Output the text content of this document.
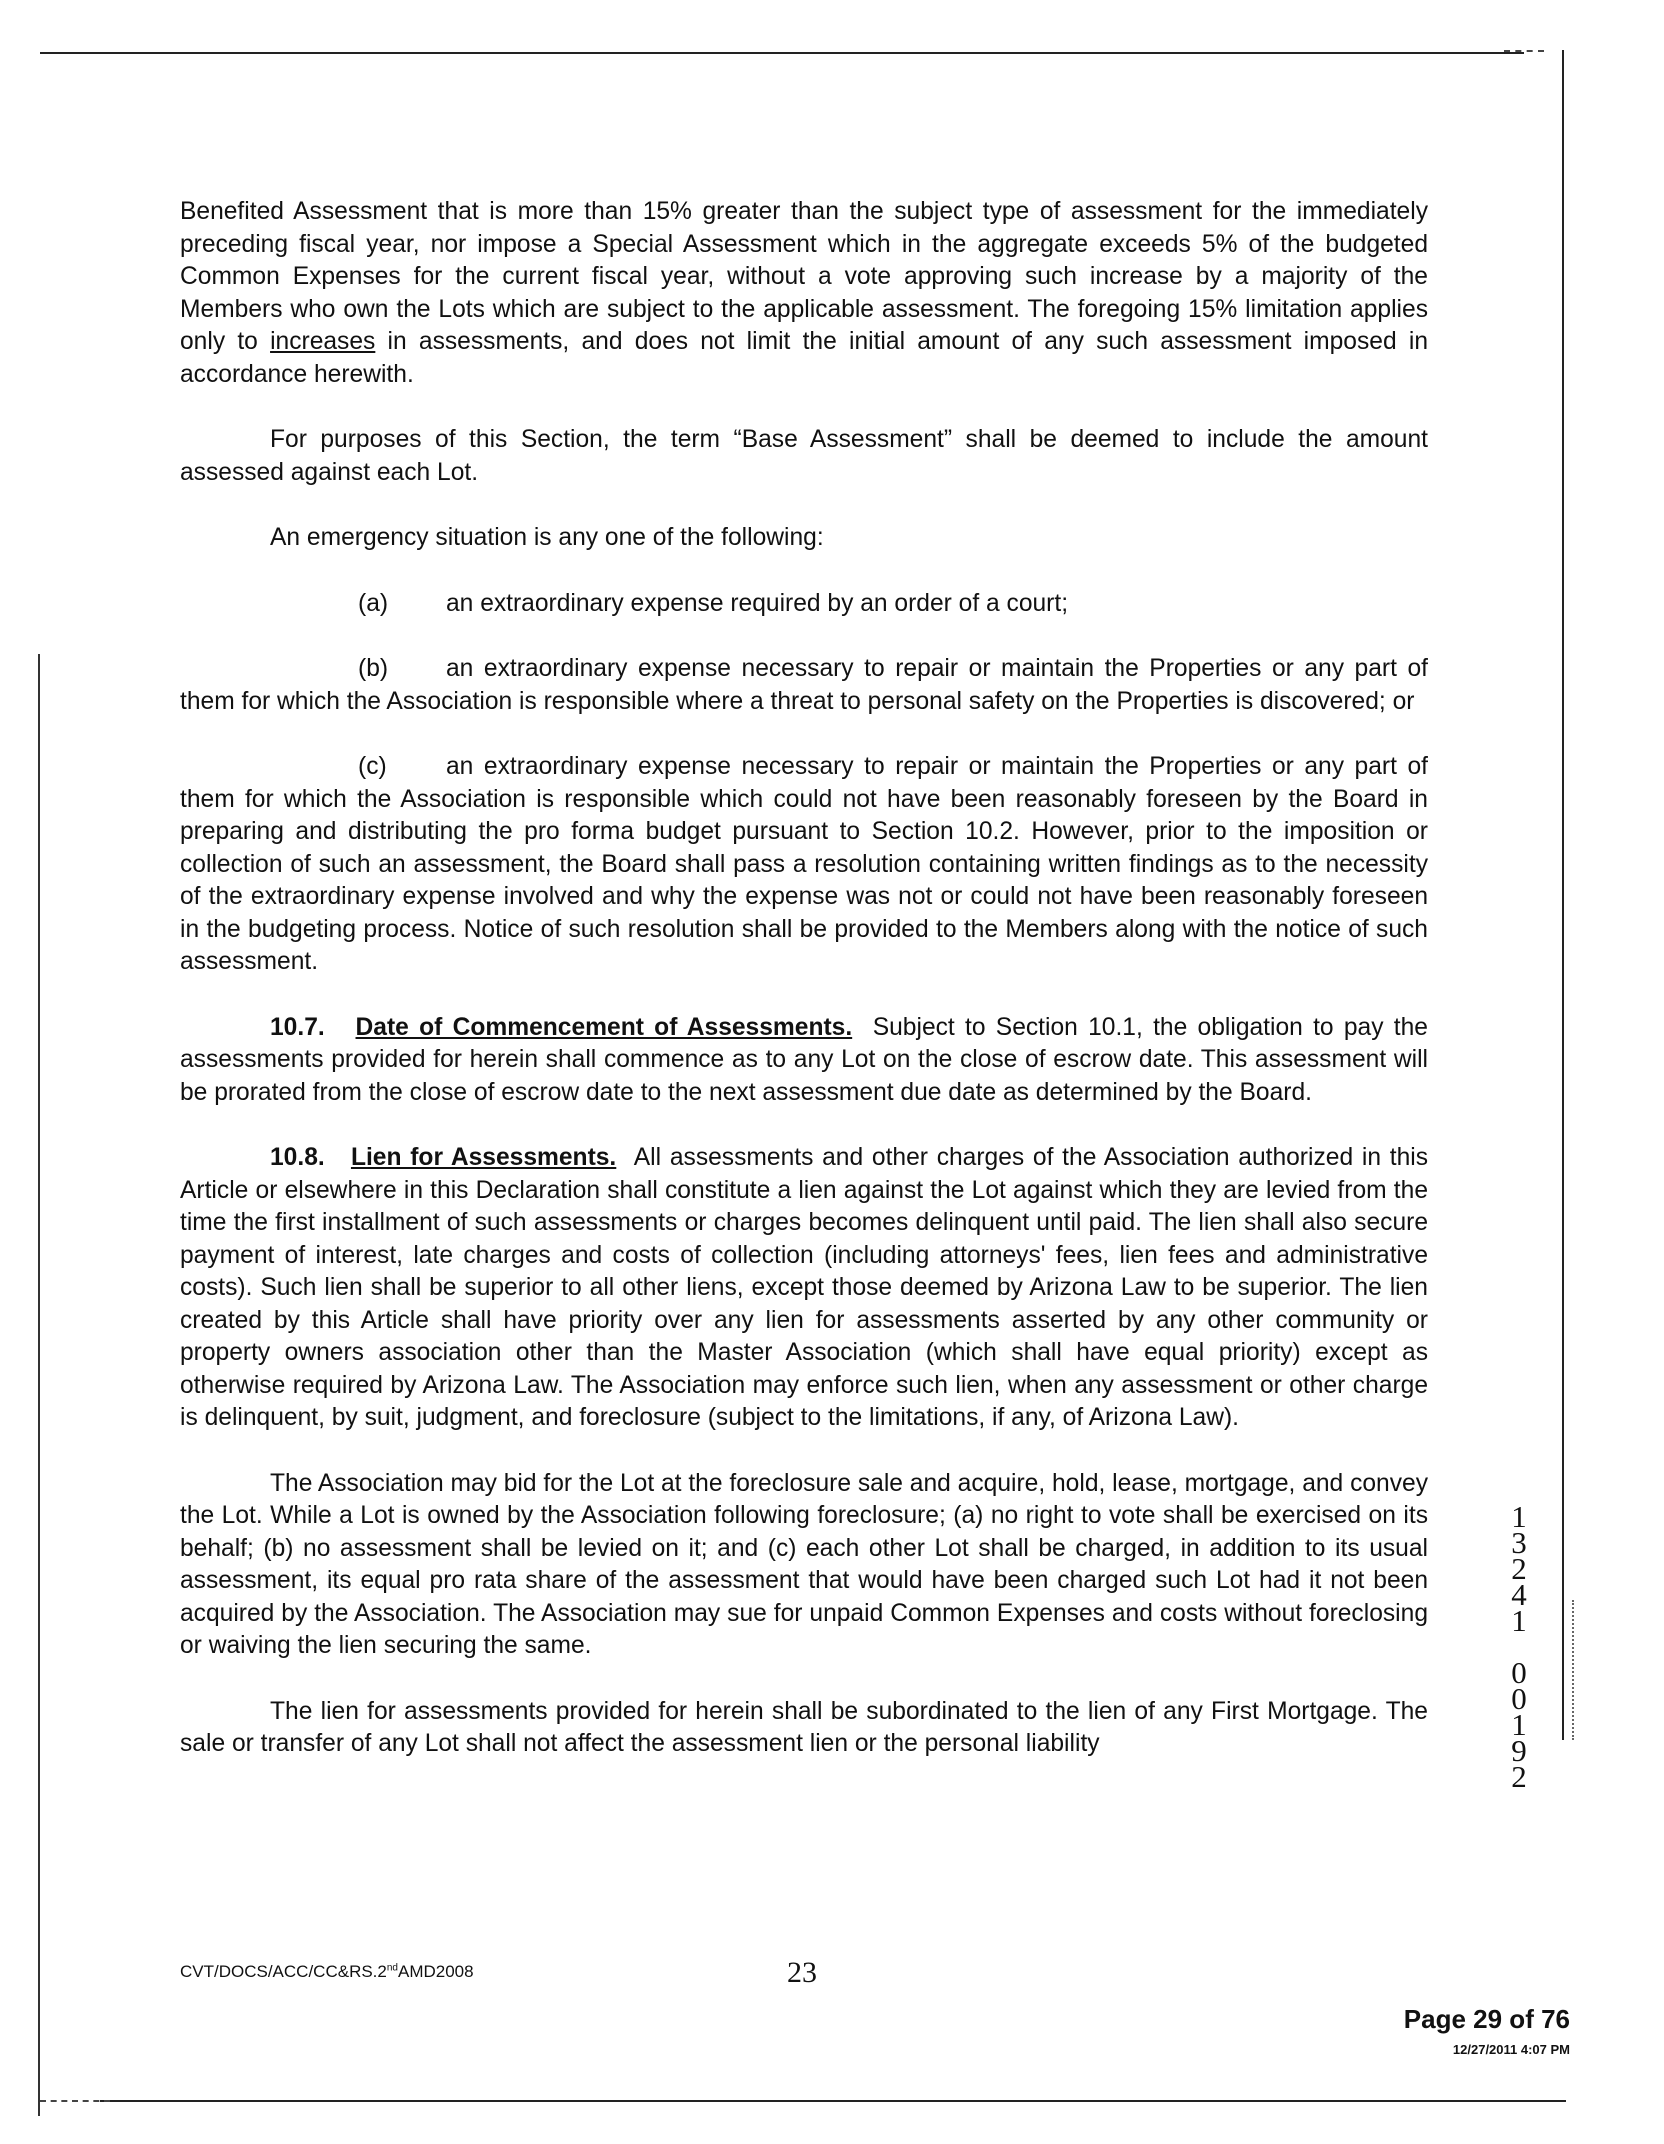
Benefited Assessment that is more than 15% greater than the subject type of assessment for the immediately preceding fiscal year, nor impose a Special Assessment which in the aggregate exceeds 5% of the budgeted Common Expenses for the current fiscal year, without a vote approving such increase by a majority of the Members who own the Lots which are subject to the applicable assessment. The foregoing 15% limitation applies only to increases in assessments, and does not limit the initial amount of any such assessment imposed in accordance herewith.

For purposes of this Section, the term “Base Assessment” shall be deemed to include the amount assessed against each Lot.

An emergency situation is any one of the following:

(a) an extraordinary expense required by an order of a court;

(b) an extraordinary expense necessary to repair or maintain the Properties or any part of them for which the Association is responsible where a threat to personal safety on the Properties is discovered; or

(c) an extraordinary expense necessary to repair or maintain the Properties or any part of them for which the Association is responsible which could not have been reasonably foreseen by the Board in preparing and distributing the pro forma budget pursuant to Section 10.2. However, prior to the imposition or collection of such an assessment, the Board shall pass a resolution containing written findings as to the necessity of the extraordinary expense involved and why the expense was not or could not have been reasonably foreseen in the budgeting process. Notice of such resolution shall be provided to the Members along with the notice of such assessment.

10.7. Date of Commencement of Assessments. Subject to Section 10.1, the obligation to pay the assessments provided for herein shall commence as to any Lot on the close of escrow date. This assessment will be prorated from the close of escrow date to the next assessment due date as determined by the Board.

10.8. Lien for Assessments. All assessments and other charges of the Association authorized in this Article or elsewhere in this Declaration shall constitute a lien against the Lot against which they are levied from the time the first installment of such assessments or charges becomes delinquent until paid. The lien shall also secure payment of interest, late charges and costs of collection (including attorneys' fees, lien fees and administrative costs). Such lien shall be superior to all other liens, except those deemed by Arizona Law to be superior. The lien created by this Article shall have priority over any lien for assessments asserted by any other community or property owners association other than the Master Association (which shall have equal priority) except as otherwise required by Arizona Law. The Association may enforce such lien, when any assessment or other charge is delinquent, by suit, judgment, and foreclosure (subject to the limitations, if any, of Arizona Law).

The Association may bid for the Lot at the foreclosure sale and acquire, hold, lease, mortgage, and convey the Lot. While a Lot is owned by the Association following foreclosure; (a) no right to vote shall be exercised on its behalf; (b) no assessment shall be levied on it; and (c) each other Lot shall be charged, in addition to its usual assessment, its equal pro rata share of the assessment that would have been charged such Lot had it not been acquired by the Association. The Association may sue for unpaid Common Expenses and costs without foreclosing or waiving the lien securing the same.

The lien for assessments provided for herein shall be subordinated to the lien of any First Mortgage. The sale or transfer of any Lot shall not affect the assessment lien or the personal liability

1
3
2
4
1
0
0
1
9
2
CVT/DOCS/ACC/CC&RS.2ndAMD2008	23
Page 29 of 76
12/27/2011 4:07 PM
